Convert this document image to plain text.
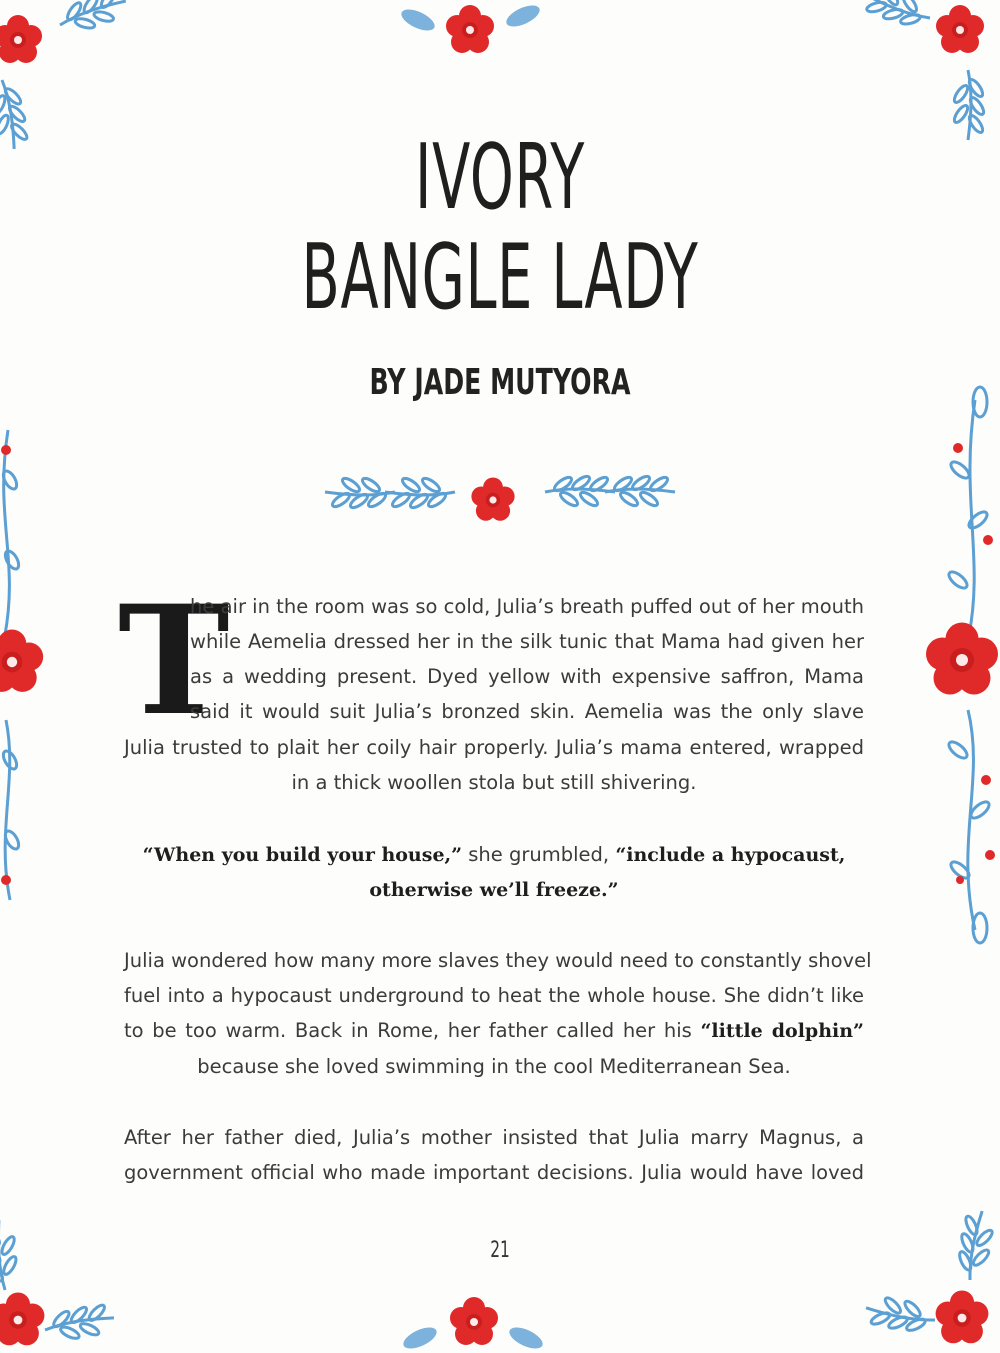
IVORY
BANGLE LADY
BY JADE MUTYORA
T
he air in the room was so cold, Julia’s breath puffed out of her mouth
while Aemelia dressed her in the silk tunic that Mama had given her
as a wedding present. Dyed yellow with expensive saffron, Mama
said it would suit Julia’s bronzed skin. Aemelia was the only slave
Julia trusted to plait her coily hair properly. Julia’s mama entered, wrapped
in a thick woollen stola but still shivering.
“When you build your house,” she grumbled, “include a hypocaust,
otherwise we’ll freeze.”
Julia wondered how many more slaves they would need to constantly shovel
fuel into a hypocaust underground to heat the whole house. She didn’t like
to be too warm. Back in Rome, her father called her his “little dolphin”
because she loved swimming in the cool Mediterranean Sea.
After her father died, Julia’s mother insisted that Julia marry Magnus, a
government official who made important decisions. Julia would have loved
21
